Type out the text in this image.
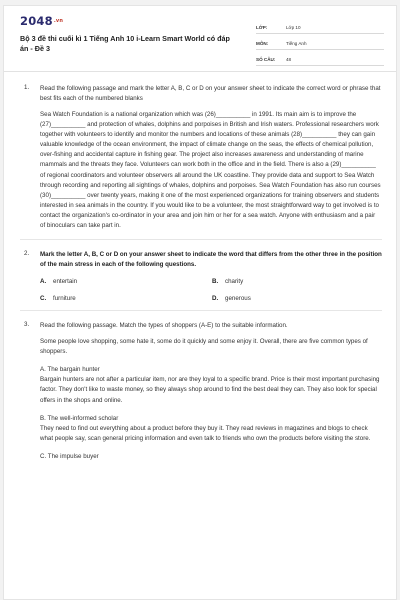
$2048^{.vn}$
Bộ 3 đề thi cuối kì 1 Tiếng Anh 10 i-Learn Smart World có đáp án - Đề 3
LỚP:	Lớp 10
MÔN:	Tiếng Anh
SỐ CÂU:	48
1. Read the following passage and mark the letter A, B, C or D on your answer sheet to indicate the correct word or phrase that best fits each of the numbered blanks
Sea Watch Foundation is a national organization which was (26)__________ in 1991. Its main aim is to improve the (27)__________ and protection of whales, dolphins and porpoises in British and Irish waters. Professional researchers work together with volunteers to identify and monitor the numbers and locations of these animals (28)__________ they can gain valuable knowledge of the ocean environment, the impact of climate change on the seas, the effects of chemical pollution, over-fishing and accidental capture in fishing gear. The project also increases awareness and understanding of marine mammals and the threats they face. Volunteers can work both in the office and in the field. There is also a (29)__________ of regional coordinators and volunteer observers all around the UK coastline. They provide data and support to Sea Watch through recording and reporting all sightings of whales, dolphins and porpoises. Sea Watch Foundation has also run courses (30)__________ over twenty years, making it one of the most experienced organizations for training observers and students interested in sea animals in the country. If you would like to be a volunteer, the most straightforward way to get involved is to contact the organization's co-ordinator in your area and join him or her for a sea watch. Anyone with enthusiasm and a pair of binoculars can take part in.
2. Mark the letter A, B, C or D on your answer sheet to indicate the word that differs from the other three in the position of the main stress in each of the following questions.
A. entertain	B. charity
C. furniture	D. generous
3. Read the following passage. Match the types of shoppers (A-E) to the suitable information.
Some people love shopping, some hate it, some do it quickly and some enjoy it. Overall, there are five common types of shoppers.
A. The bargain hunter
Bargain hunters are not after a particular item, nor are they loyal to a specific brand. Price is their most important purchasing factor. They don't like to waste money, so they always shop around to find the best deal they can. They also look for special offers in the shops and online.
B. The well-informed scholar
They need to find out everything about a product before they buy it. They read reviews in magazines and blogs to check what people say, scan general pricing information and even talk to friends who own the products before visiting the store.
C. The impulse buyer
